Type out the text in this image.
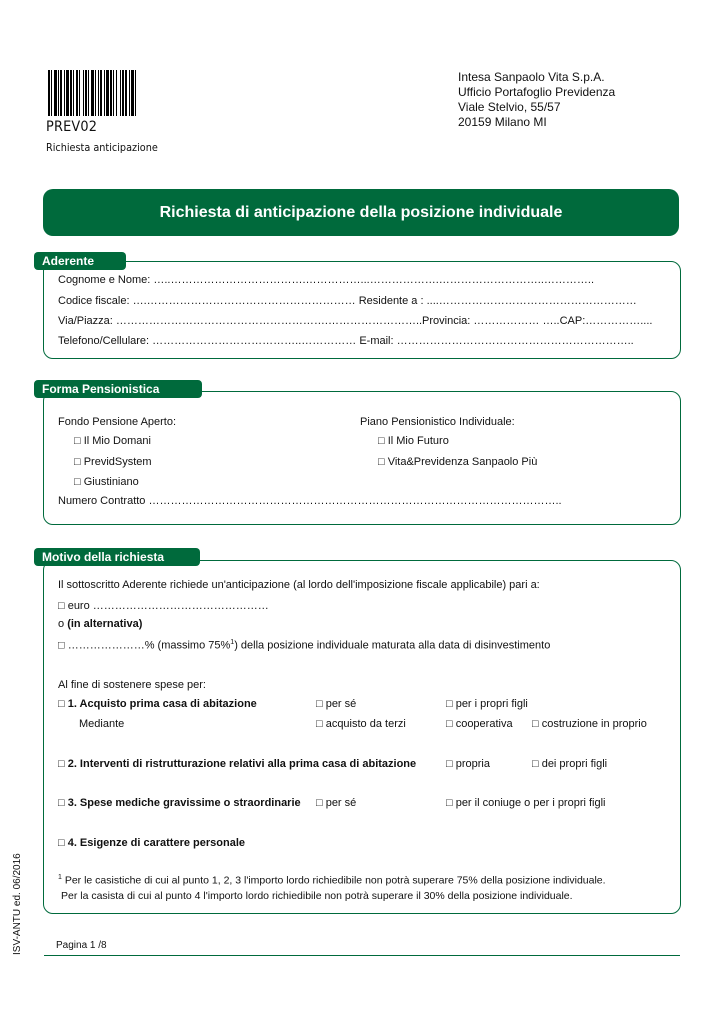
PREV02
Richiesta anticipazione
Intesa Sanpaolo Vita S.p.A.
Ufficio Portafoglio Previdenza
Viale Stelvio, 55/57
20159 Milano MI
Richiesta di anticipazione della posizione individuale
Aderente
Cognome e Nome: …..……………………………….……………...……………….………………………..…………..
Codice fiscale: ….………………………………………………… Residente a : ....………………………………………………
Via/Piazza: ………………………………………………….……………………..Provincia: ……………… …..CAP:……………....
Telefono/Cellulare: …………………………………..…………… E-mail: ………………………………………………………..
Forma Pensionistica
Fondo Pensione Aperto:
□ Il Mio Domani
□ PrevidSystem
□ Giustiniano
Piano Pensionistico Individuale:
□ Il Mio Futuro
□ Vita&Previdenza Sanpaolo Più
Numero Contratto …………………………………………………………………………………………………..
Motivo della richiesta
Il sottoscritto Aderente richiede un'anticipazione (al lordo dell'imposizione fiscale applicabile) pari a:
□ euro …………………………………………
o (in alternativa)
□ …………………% (massimo 75%$^1$) della posizione individuale maturata alla data di disinvestimento
Al fine di sostenere spese per:
□ 1. Acquisto prima casa di abitazione	□ per sé	□ per i propri figli
Mediante	□ acquisto da terzi	□ cooperativa □ costruzione in proprio
□ 2. Interventi di ristrutturazione relativi alla prima casa di abitazione	□ propria	□ dei propri figli
□ 3. Spese mediche gravissime o straordinarie □ per sé	□ per il coniuge o per i propri figli
□ 4. Esigenze di carattere personale
$^1$ Per le casistiche di cui al punto 1, 2, 3 l'importo lordo richiedibile non potrà superare 75% della posizione individuale.
Per la casista di cui al punto 4 l'importo lordo richiedibile non potrà superare il 30% della posizione individuale.
ISV-ANTU ed. 06/2016	Pagina 1 /8
